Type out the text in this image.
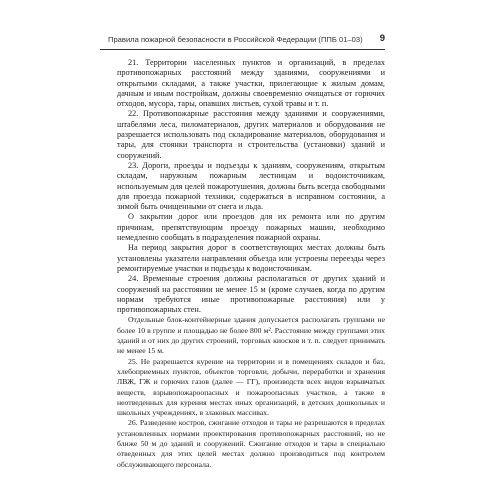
Правила пожарной безопасности в Российской Федерации (ППБ 01–03) 9

21. Территории населенных пунктов и организаций, в пределах противопожарных расстояний между зданиями, сооружениями и открытыми складами, а также участки, прилегающие к жилым домам, дачным и иным постройкам, должны своевременно очищаться от горючих отходов, мусора, тары, опавших листьев, сухой травы и т. п.

22. Противопожарные расстояния между зданиями и сооружениями, штабелями леса, пиломатериалов, других материалов и оборудования не разрешается использовать под складирование материалов, оборудования и тары, для стоянки транспорта и строительства (установки) зданий и сооружений.

23. Дороги, проезды и подъезды к зданиям, сооружениям, открытым складам, наружным пожарным лестницам и водоисточникам, используемым для целей пожаротушения, должны быть всегда свободными для проезда пожарной техники, содержаться в исправном состоянии, а зимой быть очищенными от снега и льда.

О закрытии дорог или проездов для их ремонта или по другим причинам, препятствующим проезду пожарных машин, необходимо немедленно сообщать в подразделения пожарной охраны.

На период закрытия дорог в соответствующих местах должны быть установлены указатели направления объезда или устроены переезды через ремонтируемые участки и подъезды к водоисточникам.

24. Временные строения должны располагаться от других зданий и сооружений на расстоянии не менее 15 м (кроме случаев, когда по другим нормам требуются иные противопожарные расстояния) или у противопожарных стен.

Отдельные блок-контейнерные здания допускается располагать группами не более 10 в группе и площадью не более 800 м². Расстояние между группами этих зданий и от них до других строений, торговых киосков и т. п. следует принимать не менее 15 м.

25. Не разрешается курение на территории и в помещениях складов и баз, хлебоприемных пунктов, объектов торговли, добычи, переработки и хранения ЛВЖ, ГЖ и горючих газов (далее — ГГ), производств всех видов взрывчатых веществ, взрывопожароопасных и пожароопасных участков, а также в неотведенных для курения местах иных организаций, в детских дошкольных и школьных учреждениях, в злаковых массивах.

26. Разведение костров, сжигание отходов и тары не разрешаются в пределах установленных нормами проектирования противопожарных расстояний, но не ближе 50 м до зданий и сооружений. Сжигание отходов и тары в специально отведенных для этих целей местах должно производиться под контролем обслуживающего персонала.
